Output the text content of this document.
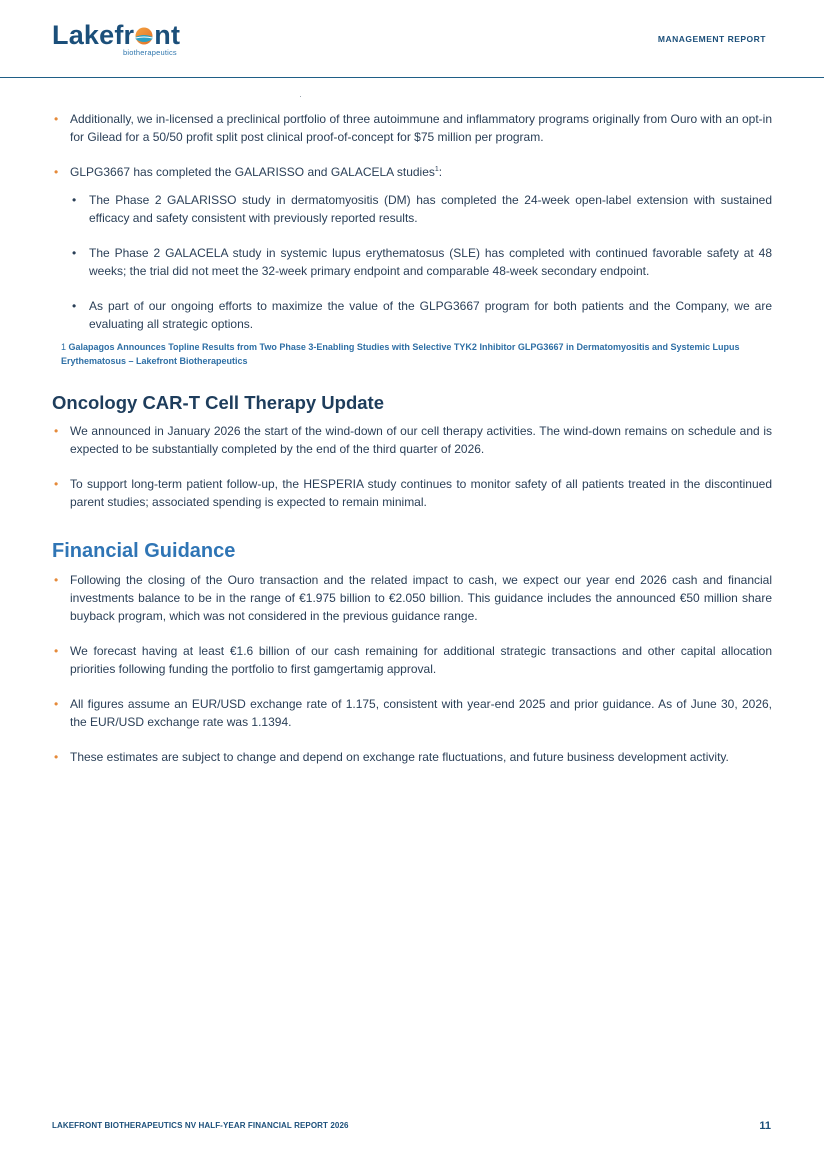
Lakefr nt
biotherapeutics
MANAGEMENT REPORT
• Additionally, we in-licensed a preclinical portfolio of three autoimmune and inflammatory programs originally from Ouro with an opt-in for Gilead for a 50/50 profit split post clinical proof-of-concept for $75 million per program.
• GLPG3667 has completed the GALARISSO and GALACELA studies$^1$:
• The Phase 2 GALARISSO study in dermatomyositis (DM) has completed the 24-week open-label extension with sustained efficacy and safety consistent with previously reported results.
• The Phase 2 GALACELA study in systemic lupus erythematosus (SLE) has completed with continued favorable safety at 48 weeks; the trial did not meet the 32-week primary endpoint and comparable 48-week secondary endpoint.
• As part of our ongoing efforts to maximize the value of the GLPG3667 program for both patients and the Company, we are evaluating all strategic options.
1 Galapagos Announces Topline Results from Two Phase 3-Enabling Studies with Selective TYK2 Inhibitor GLPG3667 in Dermatomyositis and Systemic Lupus Erythematosus – Lakefront Biotherapeutics
Oncology CAR-T Cell Therapy Update
• We announced in January 2026 the start of the wind-down of our cell therapy activities. The wind-down remains on schedule and is expected to be substantially completed by the end of the third quarter of 2026.
• To support long-term patient follow-up, the HESPERIA study continues to monitor safety of all patients treated in the discontinued parent studies; associated spending is expected to remain minimal.
Financial Guidance
• Following the closing of the Ouro transaction and the related impact to cash, we expect our year end 2026 cash and financial investments balance to be in the range of €1.975 billion to €2.050 billion. This guidance includes the announced €50 million share buyback program, which was not considered in the previous guidance range.
• We forecast having at least €1.6 billion of our cash remaining for additional strategic transactions and other capital allocation priorities following funding the portfolio to first gamgertamig approval.
• All figures assume an EUR/USD exchange rate of 1.175, consistent with year-end 2025 and prior guidance. As of June 30, 2026, the EUR/USD exchange rate was 1.1394.
• These estimates are subject to change and depend on exchange rate fluctuations, and future business development activity.
LAKEFRONT BIOTHERAPEUTICS NV HALF-YEAR FINANCIAL REPORT 2026	11
